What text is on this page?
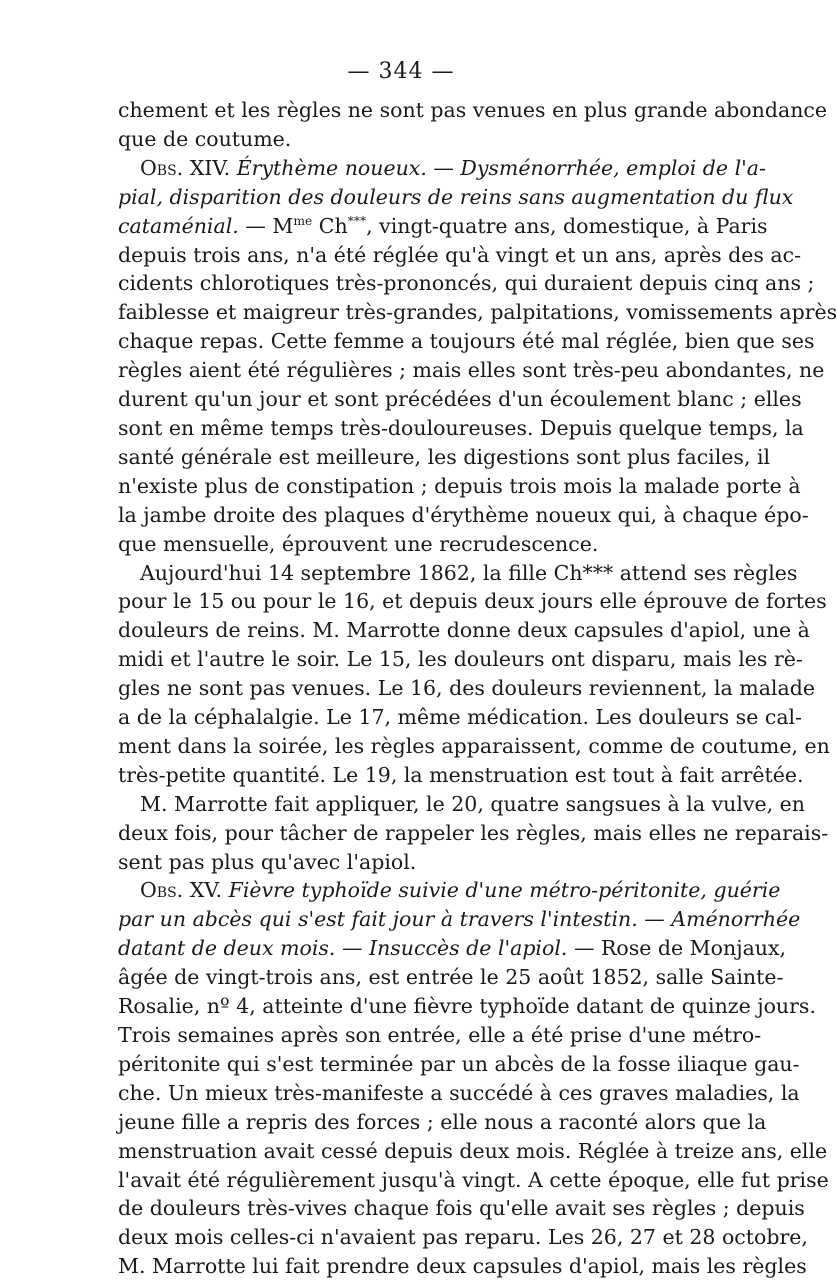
— 344 —
chement et les règles ne sont pas venues en plus grande abondance
que de coutume.
Obs. XIV. Érythème noueux. — Dysménorrhée, emploi de l'a-
pial, disparition des douleurs de reins sans augmentation du flux
cataménial. — $M^{me}$ Ch***, vingt-quatre ans, domestique, à Paris
depuis trois ans, n'a été réglée qu'à vingt et un ans, après des ac-
cidents chlorotiques très-prononcés, qui duraient depuis cinq ans ;
faiblesse et maigreur très-grandes, palpitations, vomissements après
chaque repas. Cette femme a toujours été mal réglée, bien que ses
règles aient été régulières ; mais elles sont très-peu abondantes, ne
durent qu'un jour et sont précédées d'un écoulement blanc ; elles
sont en même temps très-douloureuses. Depuis quelque temps, la
santé générale est meilleure, les digestions sont plus faciles, il
n'existe plus de constipation ; depuis trois mois la malade porte à
la jambe droite des plaques d'érythème noueux qui, à chaque épo-
que mensuelle, éprouvent une recrudescence.
Aujourd'hui 14 septembre 1862, la fille Ch*** attend ses règles
pour le 15 ou pour le 16, et depuis deux jours elle éprouve de fortes
douleurs de reins. M. Marrotte donne deux capsules d'apiol, une à
midi et l'autre le soir. Le 15, les douleurs ont disparu, mais les rè-
gles ne sont pas venues. Le 16, des douleurs reviennent, la malade
a de la céphalalgie. Le 17, même médication. Les douleurs se cal-
ment dans la soirée, les règles apparaissent, comme de coutume, en
très-petite quantité. Le 19, la menstruation est tout à fait arrêtée.
M. Marrotte fait appliquer, le 20, quatre sangsues à la vulve, en
deux fois, pour tâcher de rappeler les règles, mais elles ne reparais-
sent pas plus qu'avec l'apiol.
Obs. XV. Fièvre typhoïde suivie d'une métro-péritonite, guérie
par un abcès qui s'est fait jour à travers l'intestin. — Aménorrhée
datant de deux mois. — Insuccès de l'apiol. — Rose de Monjaux,
âgée de vingt-trois ans, est entrée le 25 août 1852, salle Sainte-
Rosalie, nº 4, atteinte d'une fièvre typhoïde datant de quinze jours.
Trois semaines après son entrée, elle a été prise d'une métro-
péritonite qui s'est terminée par un abcès de la fosse iliaque gau-
che. Un mieux très-manifeste a succédé à ces graves maladies, la
jeune fille a repris des forces ; elle nous a raconté alors que la
menstruation avait cessé depuis deux mois. Réglée à treize ans, elle
l'avait été régulièrement jusqu'à vingt. A cette époque, elle fut prise
de douleurs très-vives chaque fois qu'elle avait ses règles ; depuis
deux mois celles-ci n'avaient pas reparu. Les 26, 27 et 28 octobre,
M. Marrotte lui fait prendre deux capsules d'apiol, mais les règles
